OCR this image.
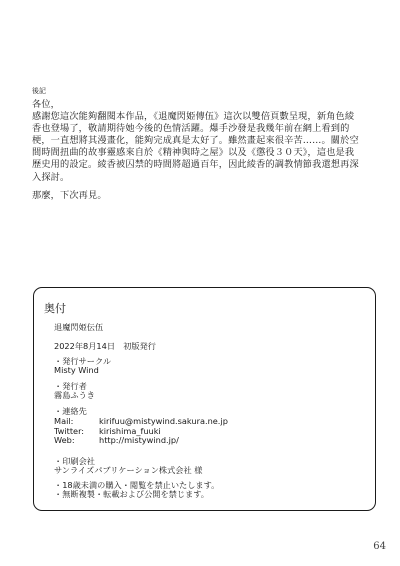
後記

各位，

感謝您這次能夠翻閱本作品，《退魔閃姫傳伍》這次以雙倍頁數呈現，新角色綾

香也登場了，敬請期待她今後的色情活躍。爆手沙發是我幾年前在網上看到的

梗，一直想將其漫畫化，能夠完成真是太好了。雖然畫起來很辛苦……。關於空

間時間扭曲的故事靈感來自於《精神與時之屋》以及《懲役３０天》，這也是我

歷史用的設定。綾香被囚禁的時間將超過百年，因此綾香的調教情節我還想再深

入探討。

那麼，下次再見。

奥付

退魔閃姫伝伍

2022年8月14日　初版発行

・発行サークル

Misty Wind

・発行者

霧島ふうき

・連絡先

Mail:	kirifuu@mistywind.sakura.ne.jp
Twitter:	kirishima_fuuki
Web:	http://mistywind.jp/

・印刷会社

サンライズパブリケーション株式会社 様

・18歳未満の購入・閲覧を禁止いたします。

・無断複製・転載および公開を禁じます。

64
